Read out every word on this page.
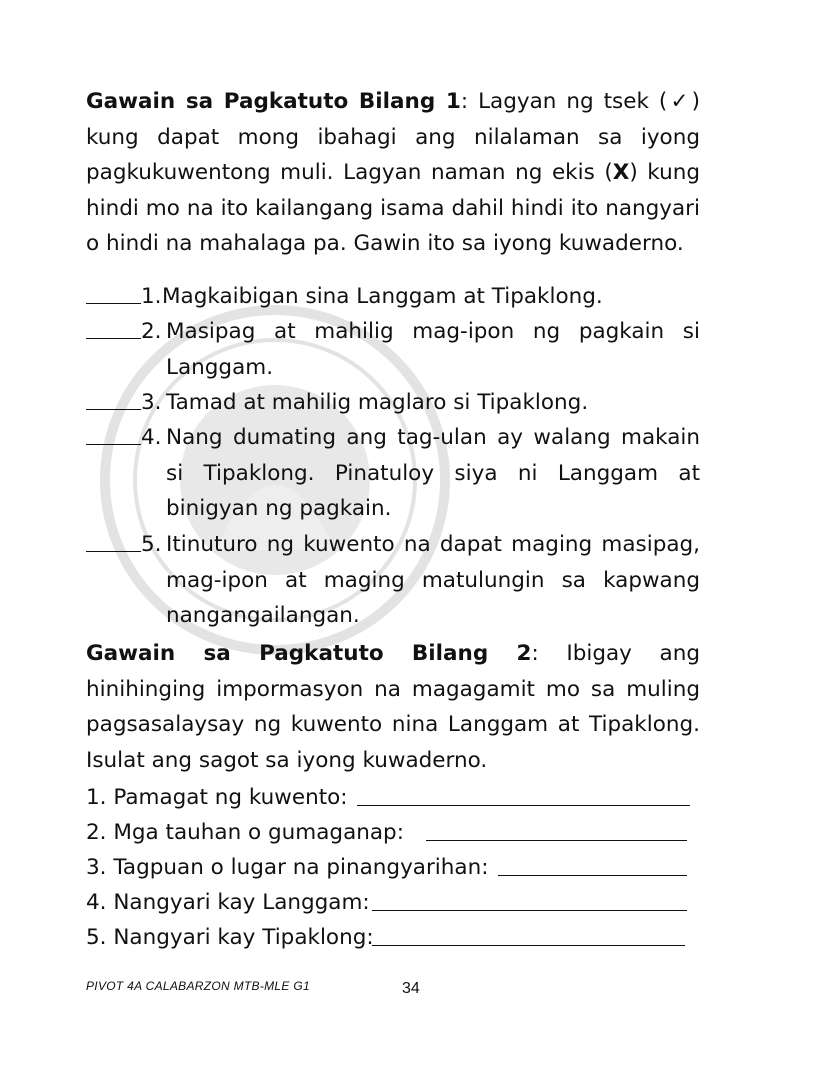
Gawain sa Pagkatuto Bilang 1: Lagyan ng tsek (✓) kung dapat mong ibahagi ang nilalaman sa iyong pagkukuwentong muli. Lagyan naman ng ekis (X) kung hindi mo na ito kailangang isama dahil hindi ito nangyari o hindi na mahalaga pa. Gawin ito sa iyong kuwaderno.

1. Magkaibigan sina Langgam at Tipaklong.
2. Masipag at mahilig mag-ipon ng pagkain si Langgam.
3. Tamad at mahilig maglaro si Tipaklong.
4. Nang dumating ang tag-ulan ay walang makain si Tipaklong. Pinatuloy siya ni Langgam at binigyan ng pagkain.
5. Itinuturo ng kuwento na dapat maging masipag, mag-ipon at maging matulungin sa kapwang nangangailangan.

Gawain sa Pagkatuto Bilang 2: Ibigay ang hinihinging impormasyon na magagamit mo sa muling pagsasalaysay ng kuwento nina Langgam at Tipaklong. Isulat ang sagot sa iyong kuwaderno.

1. Pamagat ng kuwento:
2. Mga tauhan o gumaganap:
3. Tagpuan o lugar na pinangyarihan:
4. Nangyari kay Langgam:
5. Nangyari kay Tipaklong:
PIVOT 4A CALABARZON MTB-MLE G1	34
